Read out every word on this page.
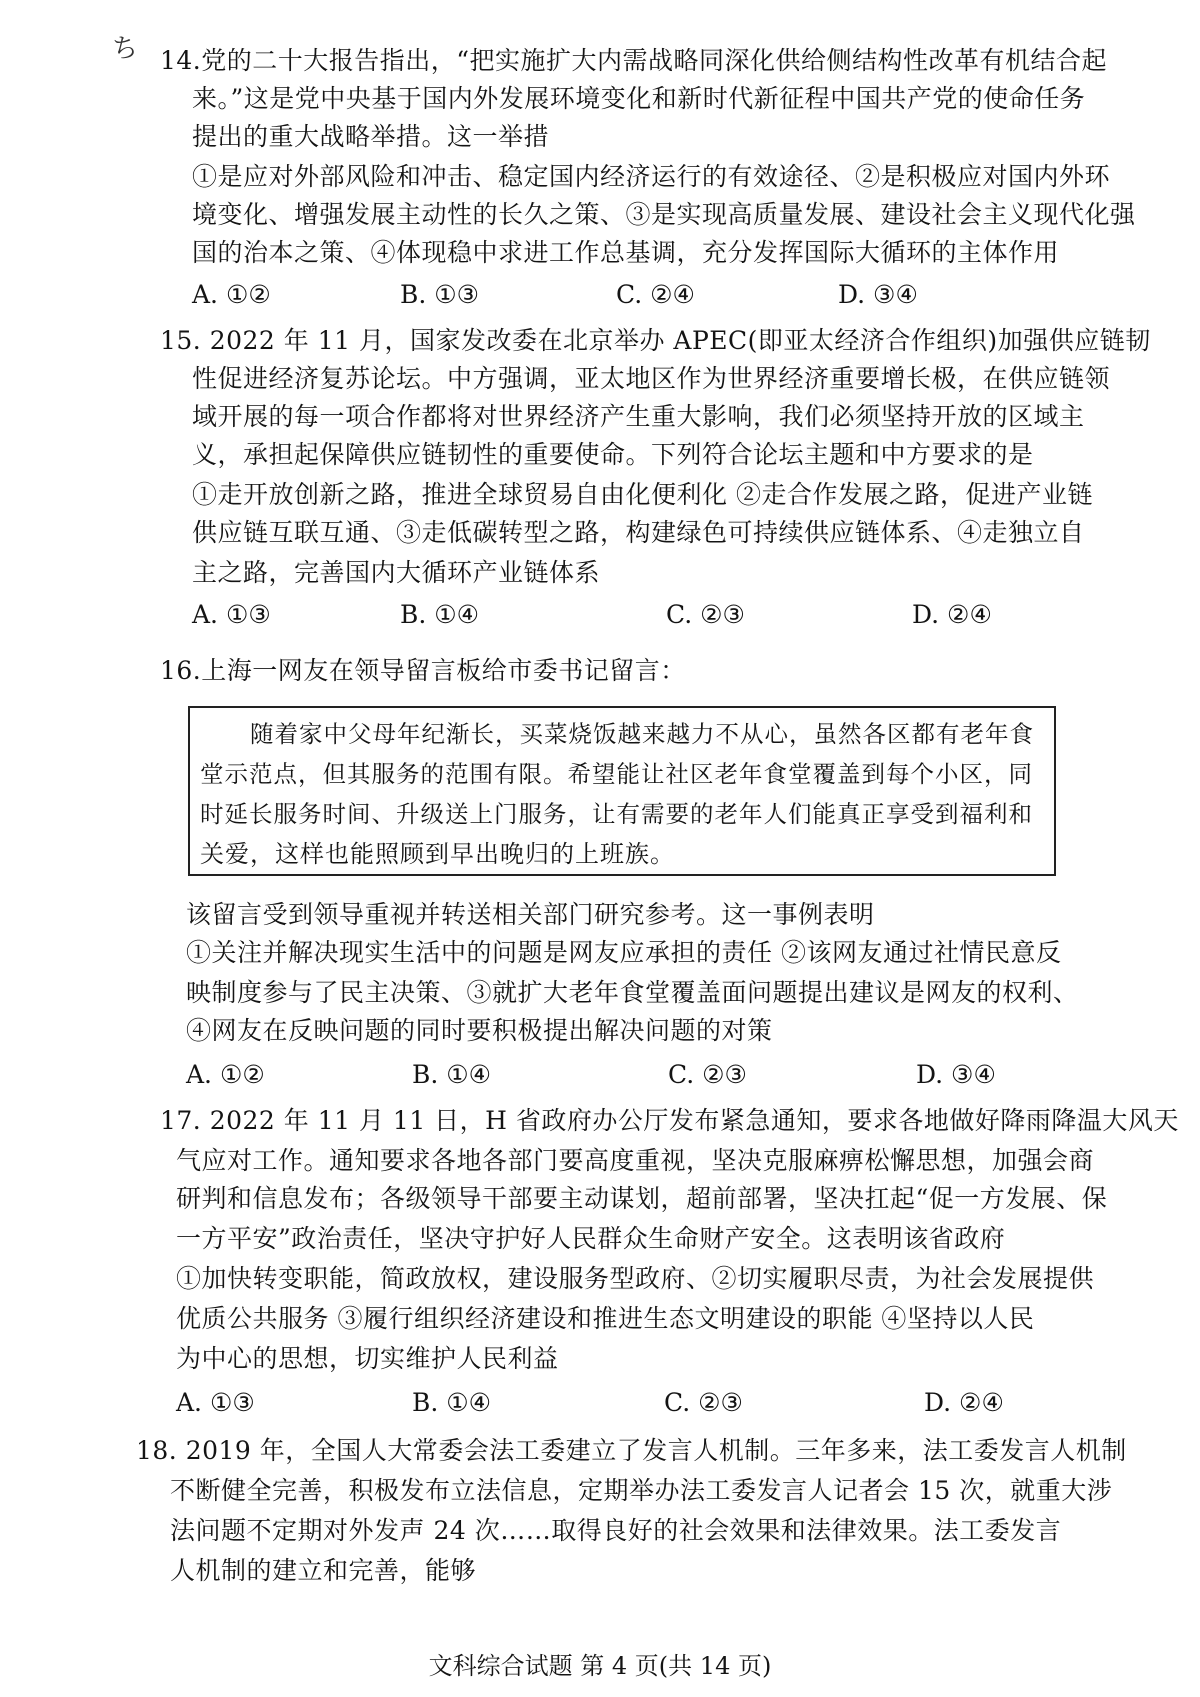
ち 14.党的二十大报告指出，“把实施扩大内需战略同深化供给侧结构性改革有机结合起
来。”这是党中央基于国内外发展环境变化和新时代新征程中国共产党的使命任务
提出的重大战略举措。这一举措
①是应对外部风险和冲击、稳定国内经济运行的有效途径、②是积极应对国内外环
境变化、增强发展主动性的长久之策、③是实现高质量发展、建设社会主义现代化强
国的治本之策、④体现稳中求进工作总基调，充分发挥国际大循环的主体作用
A. ①②	B. ①③	C. ②④	D. ③④
15. 2022 年 11 月，国家发改委在北京举办 APEC(即亚太经济合作组织)加强供应链韧
性促进经济复苏论坛。中方强调，亚太地区作为世界经济重要增长极，在供应链领
域开展的每一项合作都将对世界经济产生重大影响，我们必须坚持开放的区域主
义，承担起保障供应链韧性的重要使命。下列符合论坛主题和中方要求的是
①走开放创新之路，推进全球贸易自由化便利化 ②走合作发展之路，促进产业链
供应链互联互通、③走低碳转型之路，构建绿色可持续供应链体系、④走独立自
主之路，完善国内大循环产业链体系
A. ①③	B. ①④	C. ②③	D. ②④
16.上海一网友在领导留言板给市委书记留言：
随着家中父母年纪渐长，买菜烧饭越来越力不从心，虽然各区都有老年食
堂示范点，但其服务的范围有限。希望能让社区老年食堂覆盖到每个小区，同
时延长服务时间、升级送上门服务，让有需要的老年人们能真正享受到福利和
关爱，这样也能照顾到早出晚归的上班族。
该留言受到领导重视并转送相关部门研究参考。这一事例表明
①关注并解决现实生活中的问题是网友应承担的责任 ②该网友通过社情民意反
映制度参与了民主决策、③就扩大老年食堂覆盖面问题提出建议是网友的权利、
④网友在反映问题的同时要积极提出解决问题的对策
A. ①②	B. ①④	C. ②③	D. ③④
17. 2022 年 11 月 11 日，H 省政府办公厅发布紧急通知，要求各地做好降雨降温大风天
气应对工作。通知要求各地各部门要高度重视，坚决克服麻痹松懈思想，加强会商
研判和信息发布；各级领导干部要主动谋划，超前部署，坚决扛起“促一方发展、保
一方平安”政治责任，坚决守护好人民群众生命财产安全。这表明该省政府
①加快转变职能，简政放权，建设服务型政府、②切实履职尽责，为社会发展提供
优质公共服务 ③履行组织经济建设和推进生态文明建设的职能 ④坚持以人民
为中心的思想，切实维护人民利益
A. ①③	B. ①④	C. ②③	D. ②④
18. 2019 年，全国人大常委会法工委建立了发言人机制。三年多来，法工委发言人机制
不断健全完善，积极发布立法信息，定期举办法工委发言人记者会 15 次，就重大涉
法问题不定期对外发声 24 次……取得良好的社会效果和法律效果。法工委发言
人机制的建立和完善，能够
文科综合试题 第 4 页(共 14 页)
